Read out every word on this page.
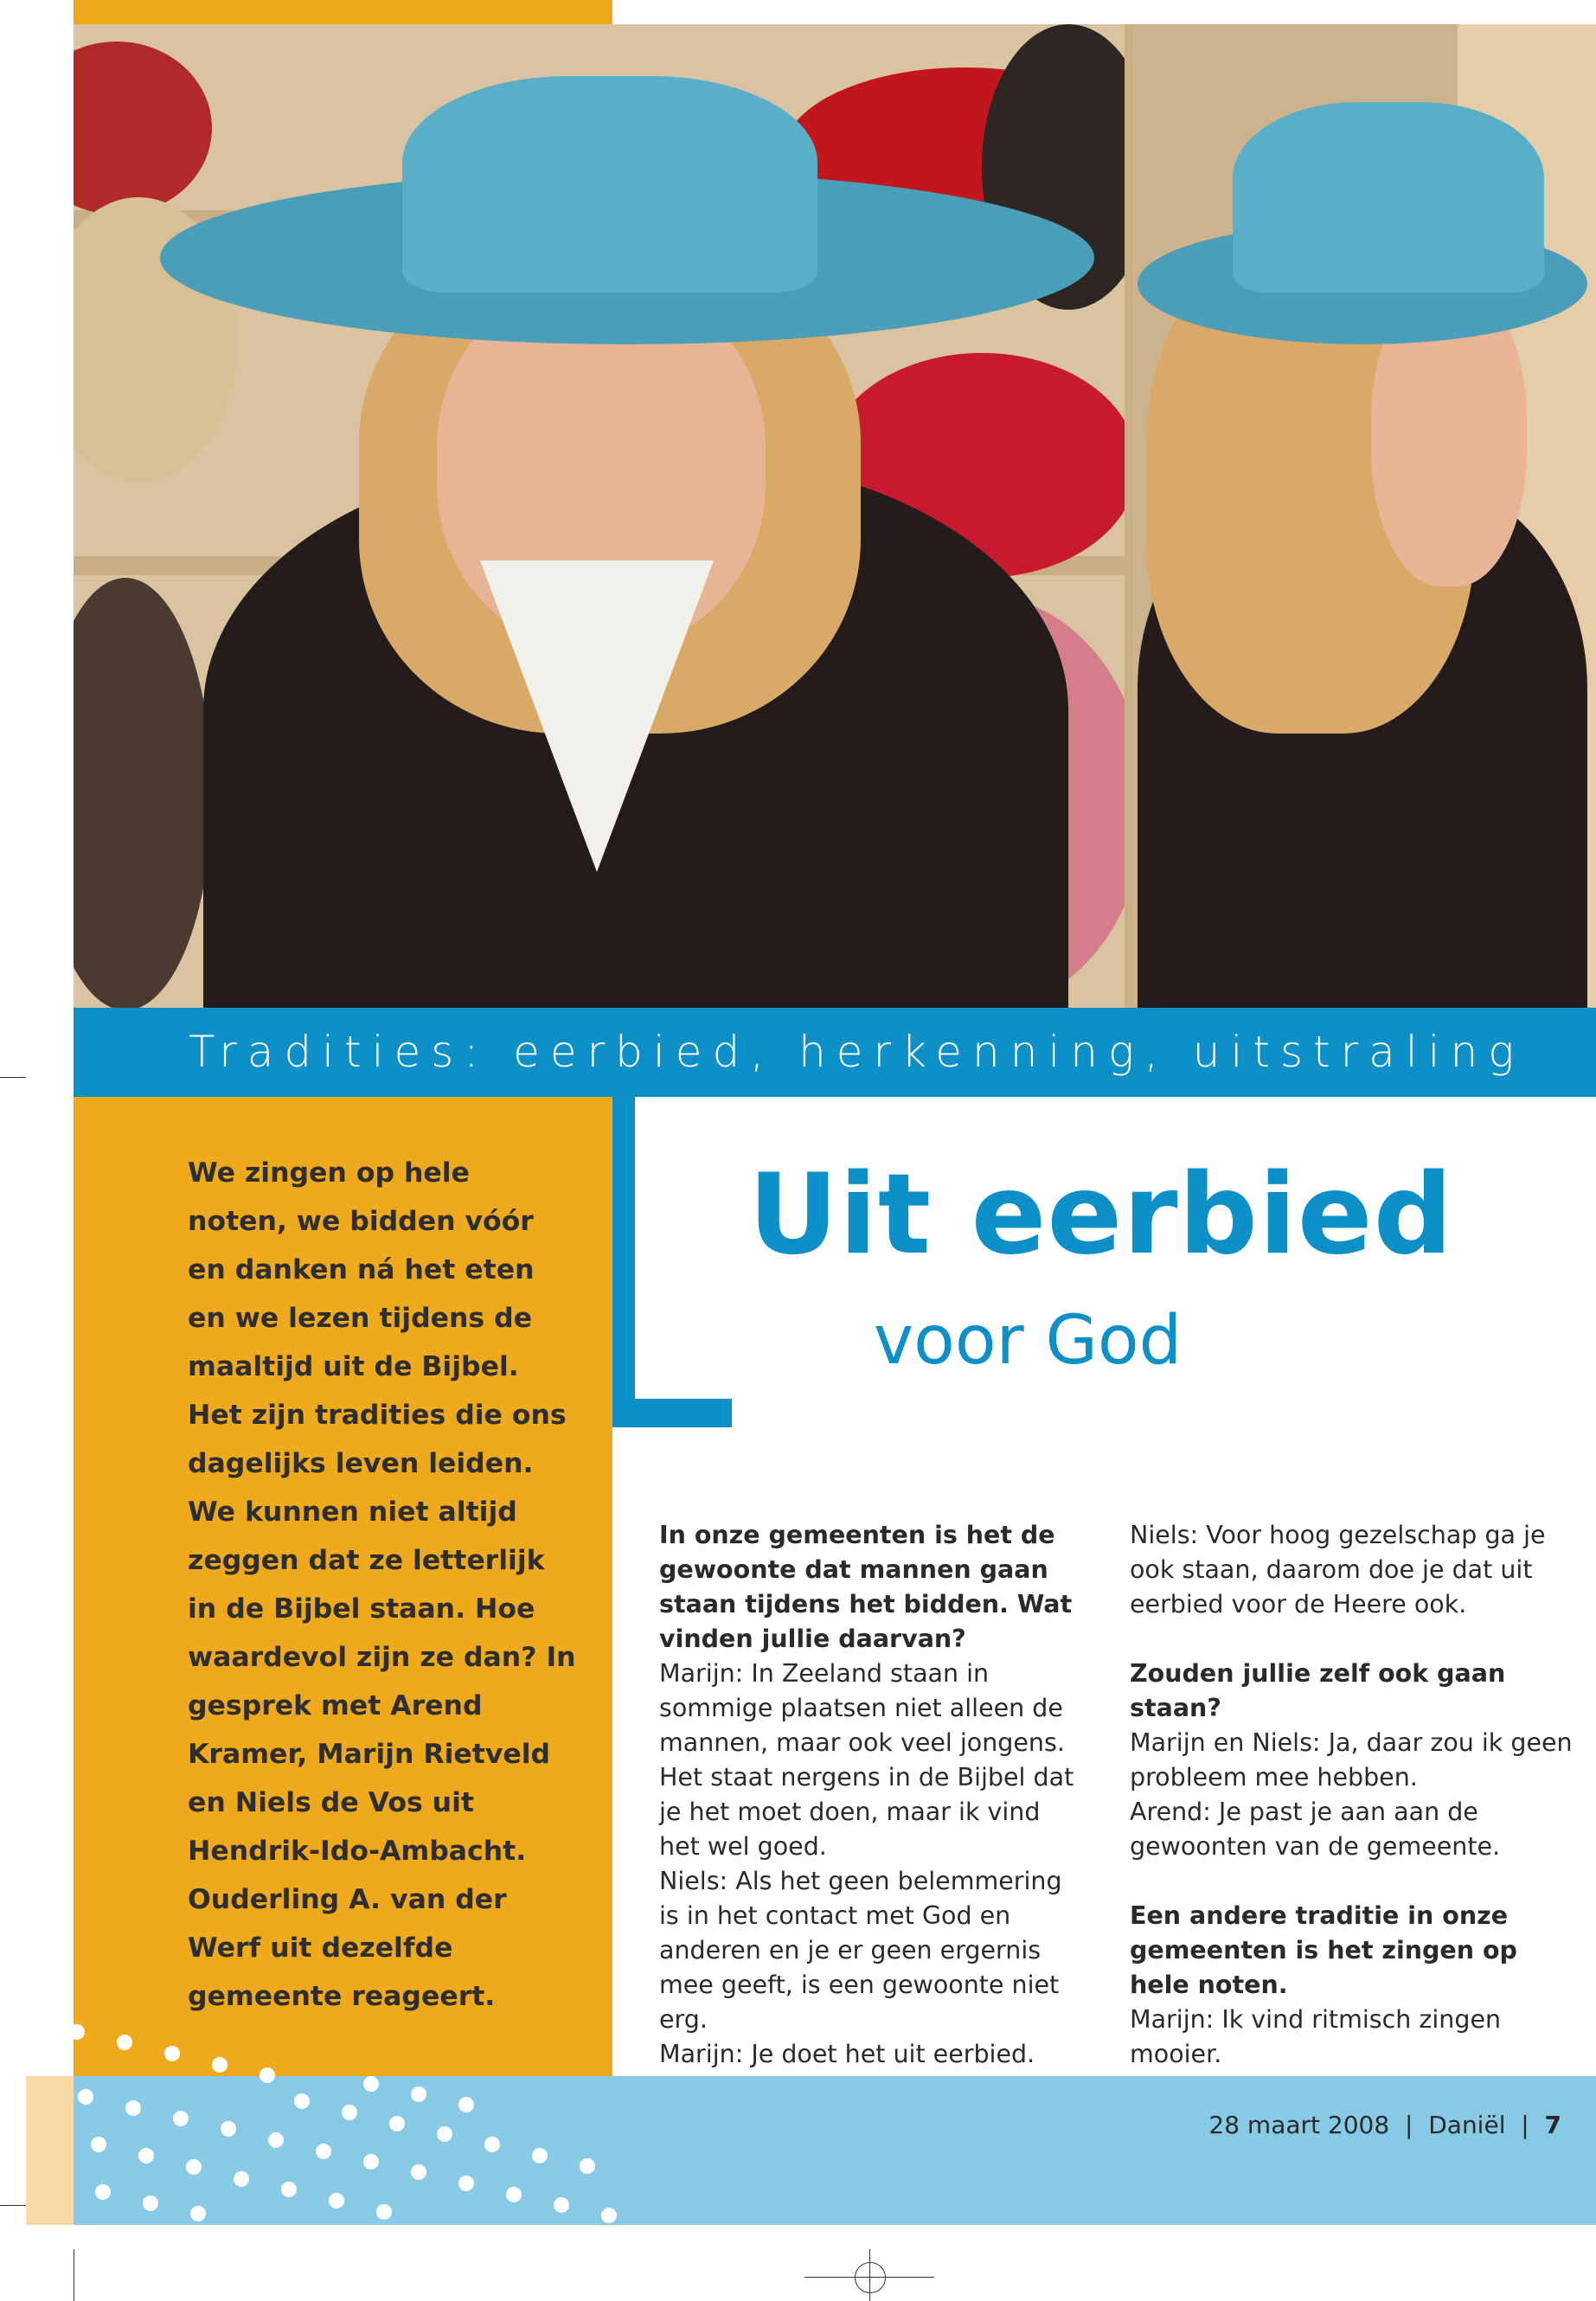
Tradities: eerbied, herkenning, uitstraling
We zingen op hele noten, we bidden vóór en danken ná het eten en we lezen tijdens de maaltijd uit de Bijbel. Het zijn tradities die ons dagelijks leven leiden. We kunnen niet altijd zeggen dat ze letterlijk in de Bijbel staan. Hoe waardevol zijn ze dan? In gesprek met Arend Kramer, Marijn Rietveld en Niels de Vos uit Hendrik-Ido-Ambacht. Ouderling A. van der Werf uit dezelfde gemeente reageert.
Uit eerbied
voor God

In onze gemeenten is het de gewoonte dat mannen gaan staan tijdens het bidden. Wat vinden jullie daarvan?

Marijn: In Zeeland staan in sommige plaatsen niet alleen de mannen, maar ook veel jongens. Het staat nergens in de Bijbel dat je het moet doen, maar ik vind het wel goed.

Niels: Als het geen belemmering is in het contact met God en anderen en je er geen ergernis mee geeft, is een gewoonte niet erg.

Marijn: Je doet het uit eerbied.

Niels: Voor hoog gezelschap ga je ook staan, daarom doe je dat uit eerbied voor de Heere ook.

Zouden jullie zelf ook gaan staan?

Marijn en Niels: Ja, daar zou ik geen probleem mee hebben.

Arend: Je past je aan aan de gewoonten van de gemeente.

Een andere traditie in onze gemeenten is het zingen op hele noten.

Marijn: Ik vind ritmisch zingen mooier.

28 maart 2008  |  Daniël  |  7
